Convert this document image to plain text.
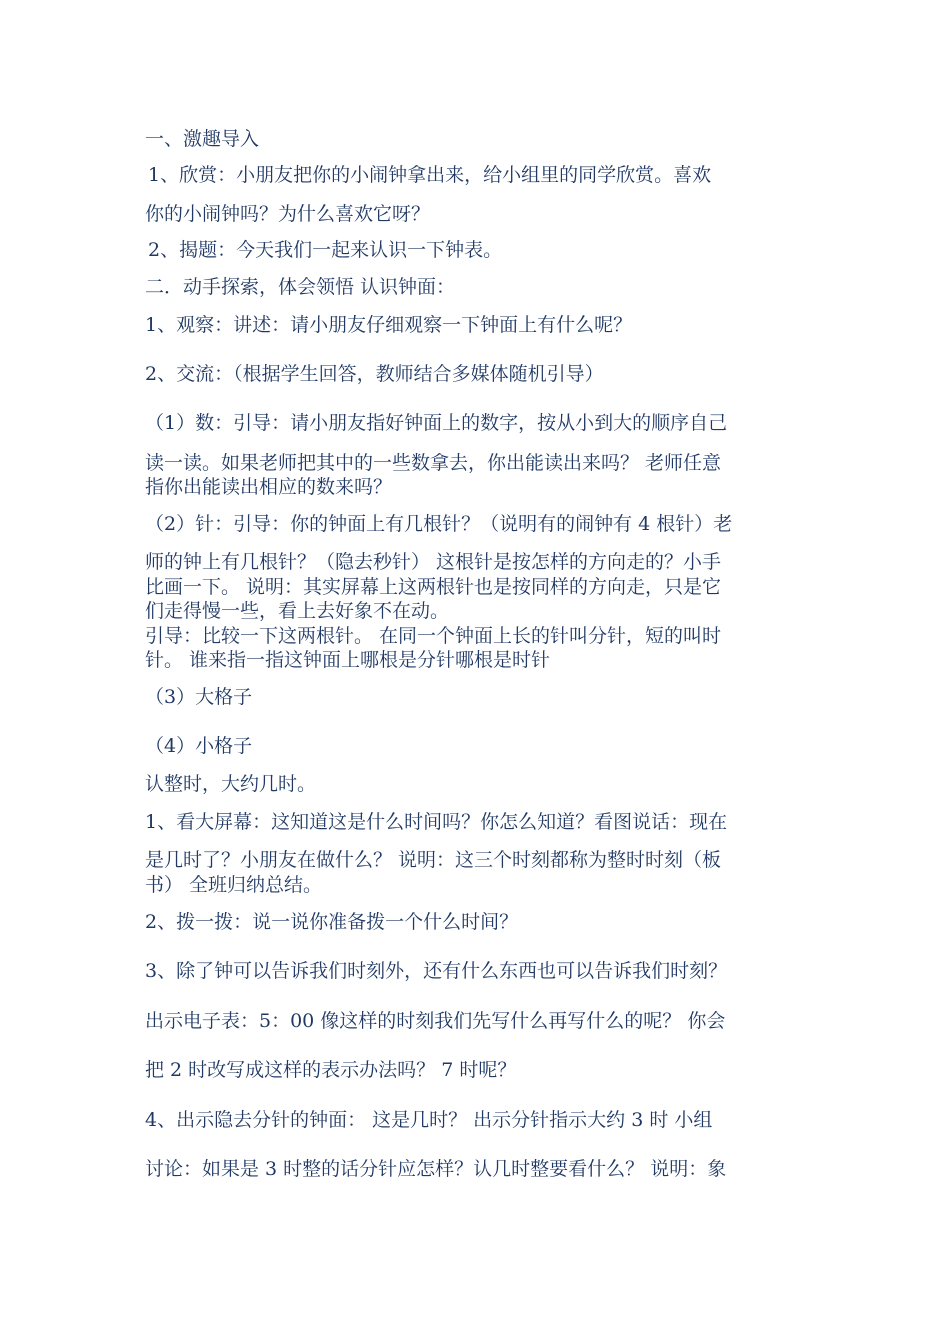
一、激趣导入
1、欣赏：小朋友把你的小闹钟拿出来，给小组里的同学欣赏。喜欢
你的小闹钟吗？为什么喜欢它呀？
2、揭题：今天我们一起来认识一下钟表。
二．动手探索，体会领悟 认识钟面：
1、观察：讲述：请小朋友仔细观察一下钟面上有什么呢？
2、交流：（根据学生回答，教师结合多媒体随机引导）
（1）数：引导：请小朋友指好钟面上的数字，按从小到大的顺序自己
读一读。如果老师把其中的一些数拿去，你出能读出来吗？ 老师任意
指你出能读出相应的数来吗？
（2）针：引导：你的钟面上有几根针？（说明有的闹钟有 4 根针）老
师的钟上有几根针？（隐去秒针） 这根针是按怎样的方向走的？小手
比画一下。 说明：其实屏幕上这两根针也是按同样的方向走，只是它
们走得慢一些，看上去好象不在动。
引导：比较一下这两根针。 在同一个钟面上长的针叫分针，短的叫时
针。 谁来指一指这钟面上哪根是分针哪根是时针
（3）大格子
（4）小格子
认整时，大约几时。
1、看大屏幕：这知道这是什么时间吗？你怎么知道？看图说话：现在
是几时了？小朋友在做什么？ 说明：这三个时刻都称为整时时刻（板
书） 全班归纳总结。
2、拨一拨：说一说你准备拨一个什么时间？
3、除了钟可以告诉我们时刻外，还有什么东西也可以告诉我们时刻？
出示电子表：5：00 像这样的时刻我们先写什么再写什么的呢？ 你会
把 2 时改写成这样的表示办法吗？ 7 时呢？
4、出示隐去分针的钟面： 这是几时？ 出示分针指示大约 3 时 小组
讨论：如果是 3 时整的话分针应怎样？认几时整要看什么？ 说明：象
